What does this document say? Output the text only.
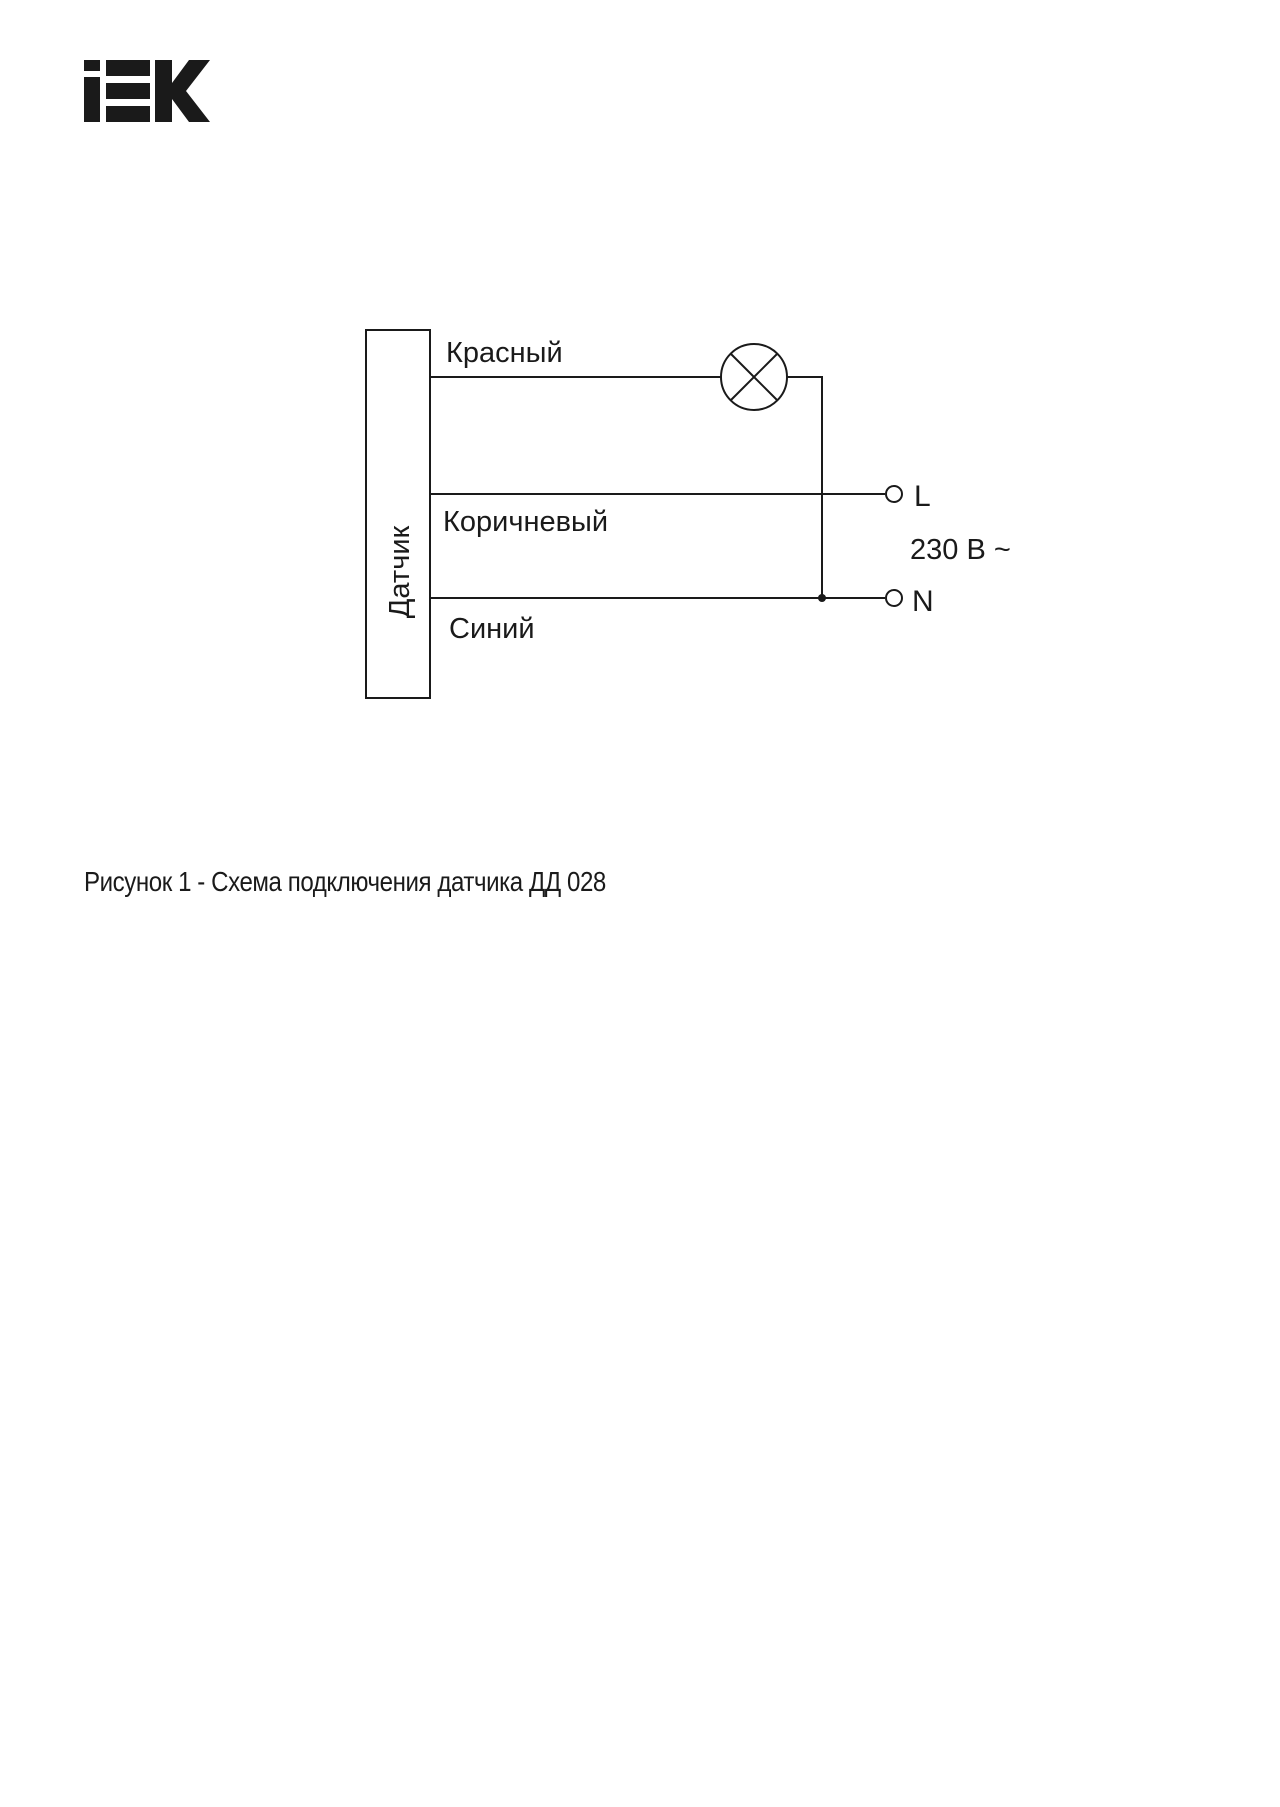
Датчик
Красный
Коричневый
Синий
L
N
230 В ~

Рисунок 1 - Схема подключения датчика ДД 028
